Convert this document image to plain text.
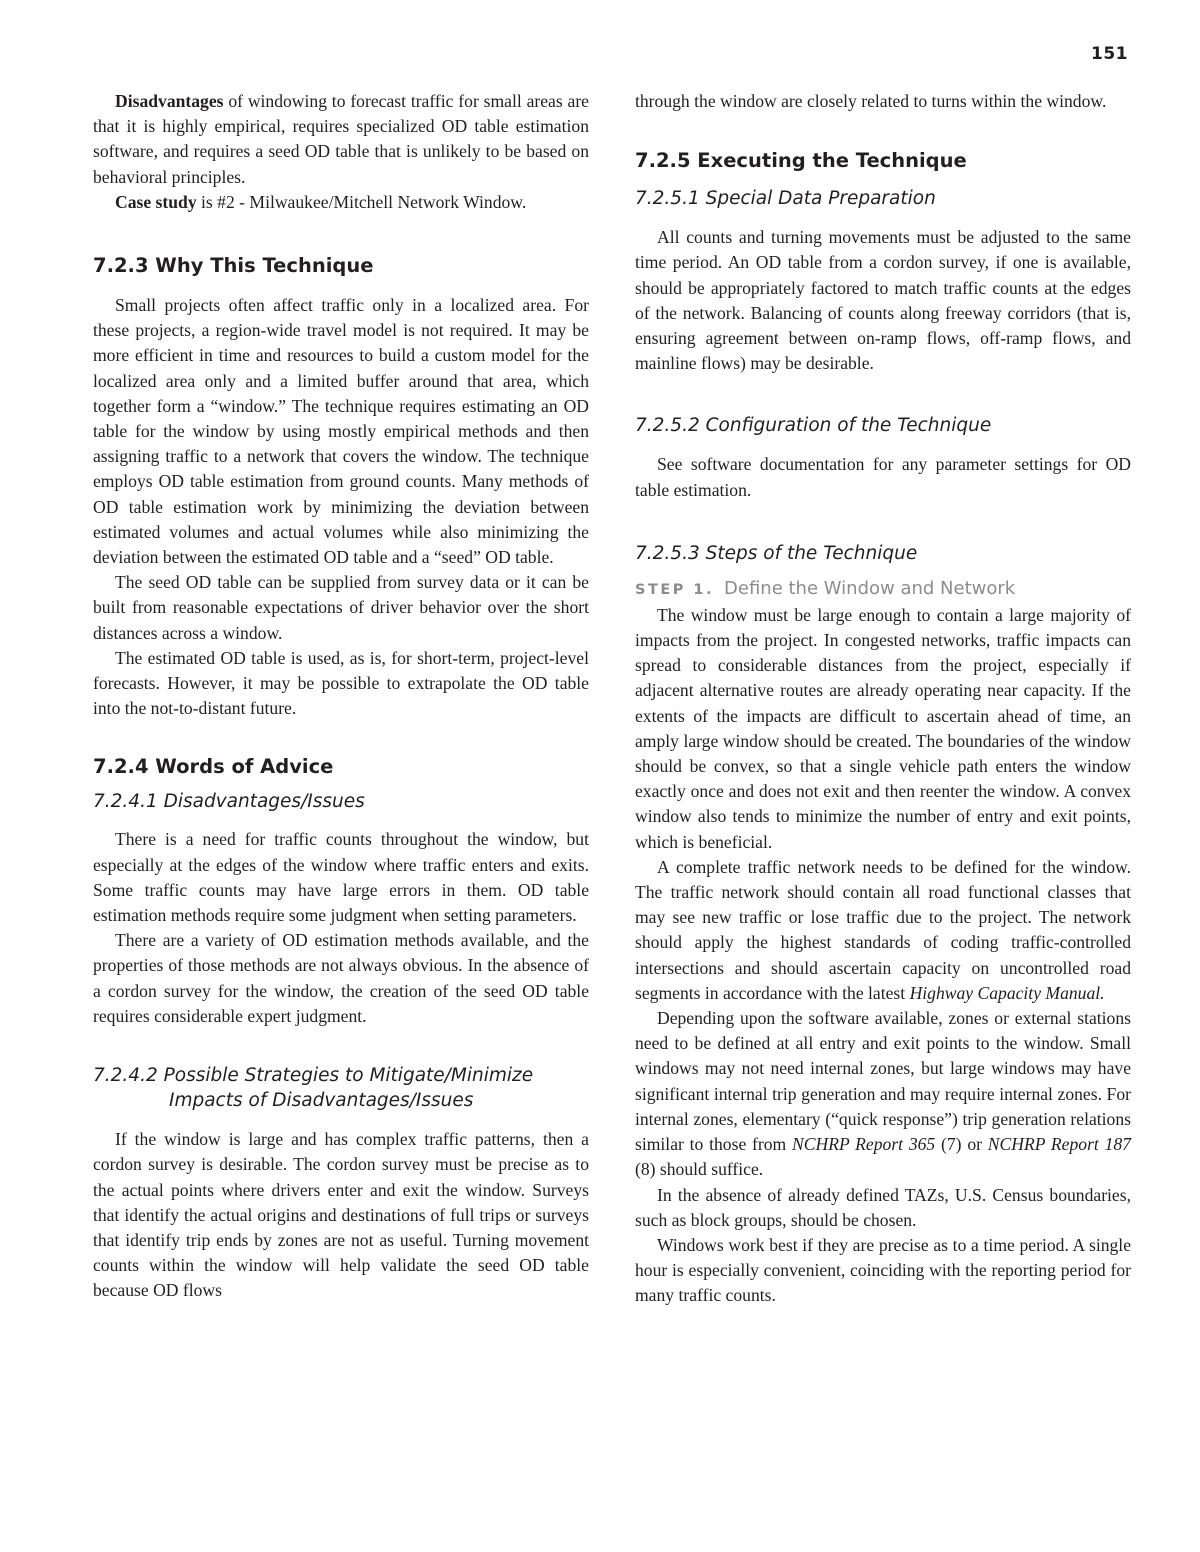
151

Disadvantages of windowing to forecast traffic for small areas are that it is highly empirical, requires specialized OD table estimation software, and requires a seed OD table that is unlikely to be based on behavioral principles.

Case study is #2 - Milwaukee/Mitchell Network Window.

7.2.3 Why This Technique

Small projects often affect traffic only in a localized area. For these projects, a region-wide travel model is not required. It may be more efficient in time and resources to build a custom model for the localized area only and a limited buffer around that area, which together form a “window.” The technique requires estimating an OD table for the window by using mostly empirical methods and then assigning traffic to a network that covers the window. The technique employs OD table estimation from ground counts. Many methods of OD table estimation work by minimizing the deviation between estimated volumes and actual volumes while also minimizing the deviation between the estimated OD table and a “seed” OD table.

The seed OD table can be supplied from survey data or it can be built from reasonable expectations of driver behavior over the short distances across a window.

The estimated OD table is used, as is, for short-term, project-level forecasts. However, it may be possible to extrapolate the OD table into the not-to-distant future.

7.2.4 Words of Advice
7.2.4.1 Disadvantages/Issues

There is a need for traffic counts throughout the window, but especially at the edges of the window where traffic enters and exits. Some traffic counts may have large errors in them. OD table estimation methods require some judgment when setting parameters.

There are a variety of OD estimation methods available, and the properties of those methods are not always obvious. In the absence of a cordon survey for the window, the creation of the seed OD table requires considerable expert judgment.

7.2.4.2 Possible Strategies to Mitigate/Minimize Impacts of Disadvantages/Issues

If the window is large and has complex traffic patterns, then a cordon survey is desirable. The cordon survey must be precise as to the actual points where drivers enter and exit the window. Surveys that identify the actual origins and destinations of full trips or surveys that identify trip ends by zones are not as useful. Turning movement counts within the window will help validate the seed OD table because OD flows

through the window are closely related to turns within the window.

7.2.5 Executing the Technique
7.2.5.1 Special Data Preparation

All counts and turning movements must be adjusted to the same time period. An OD table from a cordon survey, if one is available, should be appropriately factored to match traffic counts at the edges of the network. Balancing of counts along freeway corridors (that is, ensuring agreement between on-ramp flows, off-ramp flows, and mainline flows) may be desirable.

7.2.5.2 Configuration of the Technique

See software documentation for any parameter settings for OD table estimation.

7.2.5.3 Steps of the Technique
STEP 1. Define the Window and Network

The window must be large enough to contain a large majority of impacts from the project. In congested networks, traffic impacts can spread to considerable distances from the project, especially if adjacent alternative routes are already operating near capacity. If the extents of the impacts are difficult to ascertain ahead of time, an amply large window should be created. The boundaries of the window should be convex, so that a single vehicle path enters the window exactly once and does not exit and then reenter the window. A convex window also tends to minimize the number of entry and exit points, which is beneficial.

A complete traffic network needs to be defined for the window. The traffic network should contain all road functional classes that may see new traffic or lose traffic due to the project. The network should apply the highest standards of coding traffic-controlled intersections and should ascertain capacity on uncontrolled road segments in accordance with the latest Highway Capacity Manual.

Depending upon the software available, zones or external stations need to be defined at all entry and exit points to the window. Small windows may not need internal zones, but large windows may have significant internal trip generation and may require internal zones. For internal zones, elementary (“quick response”) trip generation relations similar to those from NCHRP Report 365 (7) or NCHRP Report 187 (8) should suffice.

In the absence of already defined TAZs, U.S. Census boundaries, such as block groups, should be chosen.

Windows work best if they are precise as to a time period. A single hour is especially convenient, coinciding with the reporting period for many traffic counts.
